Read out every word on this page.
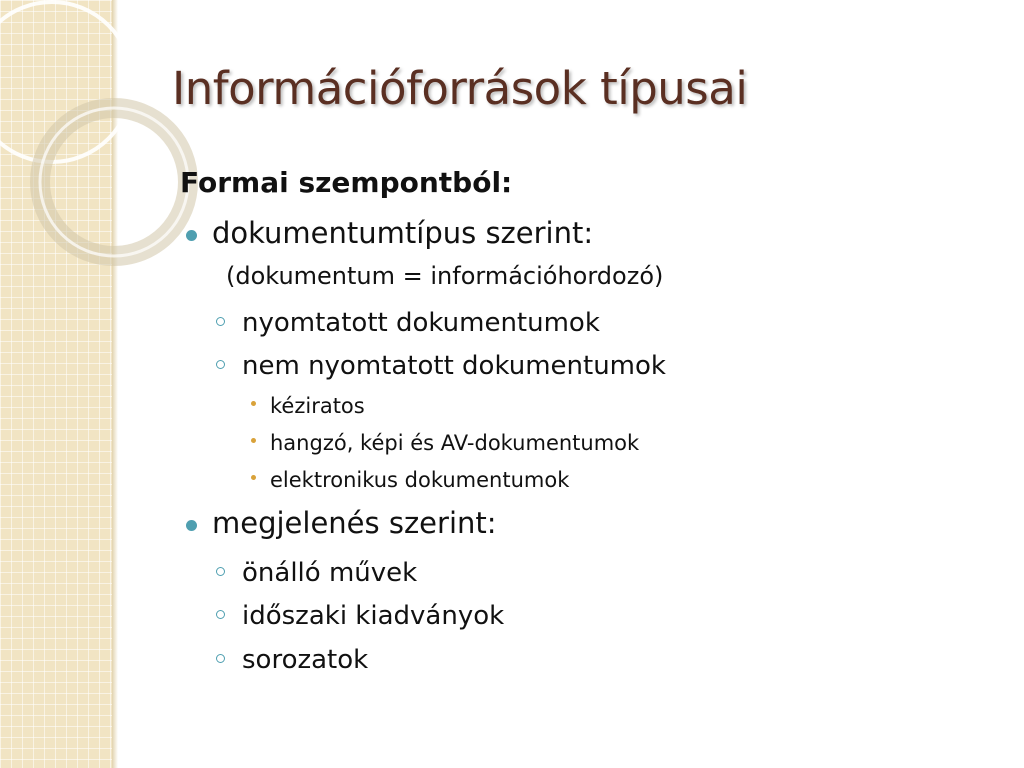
Információforrások típusai
Formai szempontból:
dokumentumtípus szerint:
(dokumentum = információhordozó)
nyomtatott dokumentumok
nem nyomtatott dokumentumok
kéziratos
hangzó, képi és AV-dokumentumok
elektronikus dokumentumok
megjelenés szerint:
önálló művek
időszaki kiadványok
sorozatok
